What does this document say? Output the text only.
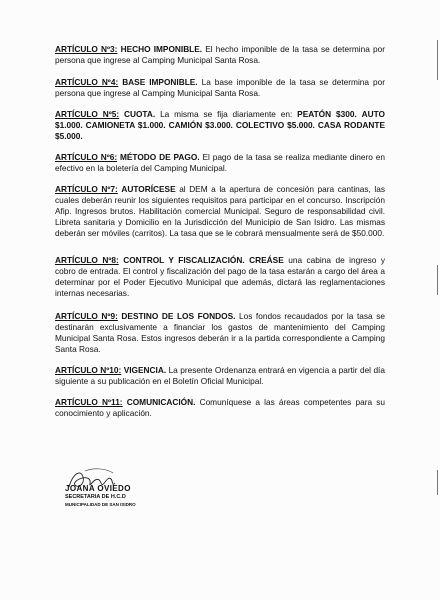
ARTÍCULO Nº3: HECHO IMPONIBLE. El hecho imponible de la tasa se determina por persona que ingrese al Camping Municipal Santa Rosa.
ARTÍCULO Nº4: BASE IMPONIBLE. La base imponible de la tasa se determina por persona que ingrese al Camping Municipal Santa Rosa.
ARTÍCULO Nº5: CUOTA. La misma se fija diariamente en: PEATÓN $300. AUTO $1.000. CAMIONETA $1.000. CAMIÓN $3.000. COLECTIVO $5.000. CASA RODANTE $5.000.
ARTÍCULO Nº6: MÉTODO DE PAGO. El pago de la tasa se realiza mediante dinero en efectivo en la boletería del Camping Municipal.
ARTÍCULO Nº7: AUTORÍCESE al DEM a la apertura de concesión para cantinas, las cuales deberán reunir los siguientes requisitos para participar en el concurso. Inscripción Afip. Ingresos brutos. Habilitación comercial Municipal. Seguro de responsabilidad civil. Libreta sanitaria y Domicilio en la Jurisdicción del Municipio de San Isidro. Las mismas deberán ser móviles (carritos). La tasa que se le cobrará mensualmente será de $50.000.
ARTÍCULO Nº8: CONTROL Y FISCALIZACIÓN. CREÁSE una cabina de ingreso y cobro de entrada. El control y fiscalización del pago de la tasa estarán a cargo del área a determinar por el Poder Ejecutivo Municipal que además, dictará las reglamentaciones internas necesarias.
ARTÍCULO Nº9: DESTINO DE LOS FONDOS. Los fondos recaudados por la tasa se destinarán exclusivamente a financiar los gastos de mantenimiento del Camping Municipal Santa Rosa. Estos ingresos deberán ir a la partida correspondiente a Camping Santa Rosa.
ARTÍCULO Nº10: VIGENCIA. La presente Ordenanza entrará en vigencia a partir del día siguiente a su publicación en el Boletín Oficial Municipal.
ARTÍCULO Nº11: COMUNICACIÓN. Comuníquese a las áreas competentes para su conocimiento y aplicación.
JOANA OVIEDO
SECRETARIA DE H.C.D
MUNICIPALIDAD DE SAN ISIDRO
